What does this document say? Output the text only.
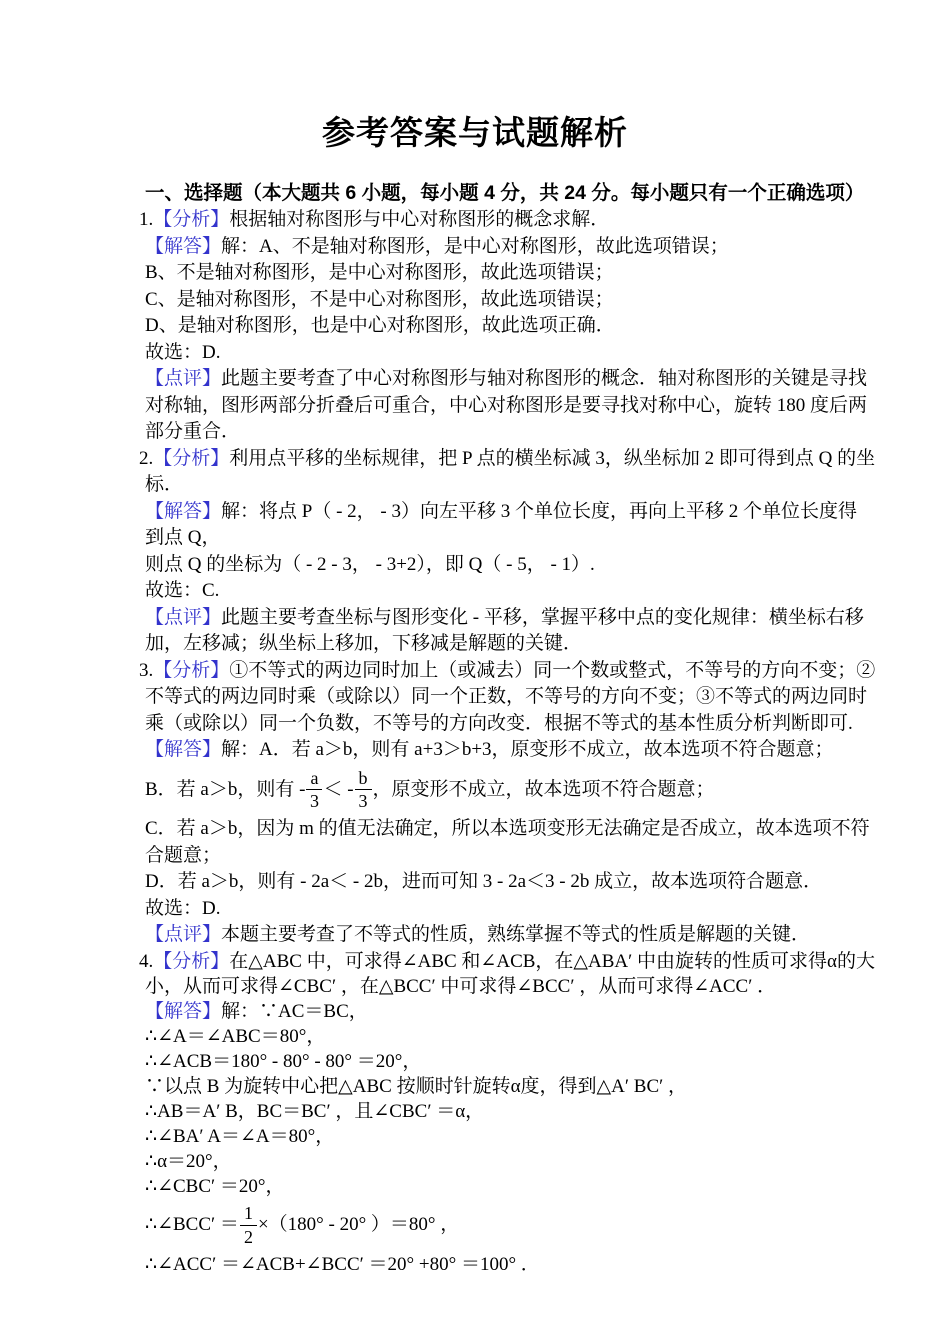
参考答案与试题解析
一、选择题（本大题共 6 小题，每小题 4 分，共 24 分。每小题只有一个正确选项）
1.【分析】根据轴对称图形与中心对称图形的概念求解．
【解答】解：A、不是轴对称图形，是中心对称图形，故此选项错误；
B、不是轴对称图形，是中心对称图形，故此选项错误；
C、是轴对称图形，不是中心对称图形，故此选项错误；
D、是轴对称图形，也是中心对称图形，故此选项正确．
故选：D.
【点评】此题主要考查了中心对称图形与轴对称图形的概念．轴对称图形的关键是寻找
对称轴，图形两部分折叠后可重合，中心对称图形是要寻找对称中心，旋转 180 度后两
部分重合．
2.【分析】利用点平移的坐标规律，把 P 点的横坐标减 3，纵坐标加 2 即可得到点 Q 的坐
标．
【解答】解：将点 P（ - 2， - 3）向左平移 3 个单位长度，再向上平移 2 个单位长度得
到点 Q，
则点 Q 的坐标为（ - 2 - 3， - 3+2），即 Q（ - 5， - 1）.
故选：C.
【点评】此题主要考查坐标与图形变化 - 平移，掌握平移中点的变化规律：横坐标右移
加，左移减；纵坐标上移加，下移减是解题的关键．
3.【分析】①不等式的两边同时加上（或减去）同一个数或整式，不等号的方向不变；②
不等式的两边同时乘（或除以）同一个正数，不等号的方向不变；③不等式的两边同时
乘（或除以）同一个负数，不等号的方向改变．根据不等式的基本性质分析判断即可.
【解答】解：A．若 a＞b，则有 a+3＞b+3，原变形不成立，故本选项不符合题意；
B．若 a＞b，则有 - $\frac{a}{3}$ ＜ - $\frac{b}{3}$ ，原变形不成立，故本选项不符合题意；
C．若 a＞b，因为 m 的值无法确定，所以本选项变形无法确定是否成立，故本选项不符
合题意；
D．若 a＞b，则有 - 2a＜ - 2b，进而可知 3 - 2a＜3 - 2b 成立，故本选项符合题意．
故选：D.
【点评】本题主要考查了不等式的性质，熟练掌握不等式的性质是解题的关键．
4.【分析】在△ABC 中，可求得∠ABC 和∠ACB，在△ABA′ 中由旋转的性质可求得α的大
小，从而可求得∠CBC′ ，在△BCC′ 中可求得∠BCC′ ，从而可求得∠ACC′ ．
【解答】解：∵AC＝BC，
∴∠A＝∠ABC＝80°，
∴∠ACB＝180° - 80° - 80° ＝20°，
∵以点 B 为旋转中心把△ABC 按顺时针旋转α度，得到△A′ BC′ ，
∴AB＝A′ B，BC＝BC′ ，且∠CBC′ ＝α，
∴∠BA′ A＝∠A＝80°，
∴α＝20°，
∴∠CBC′ ＝20°，
∴∠BCC′ ＝ $\frac{1}{2} \times(180^\circ - 20^\circ$ ）＝80° ，
∴∠ACC′ ＝∠ACB+∠BCC′ ＝20° +80° ＝100° ．
